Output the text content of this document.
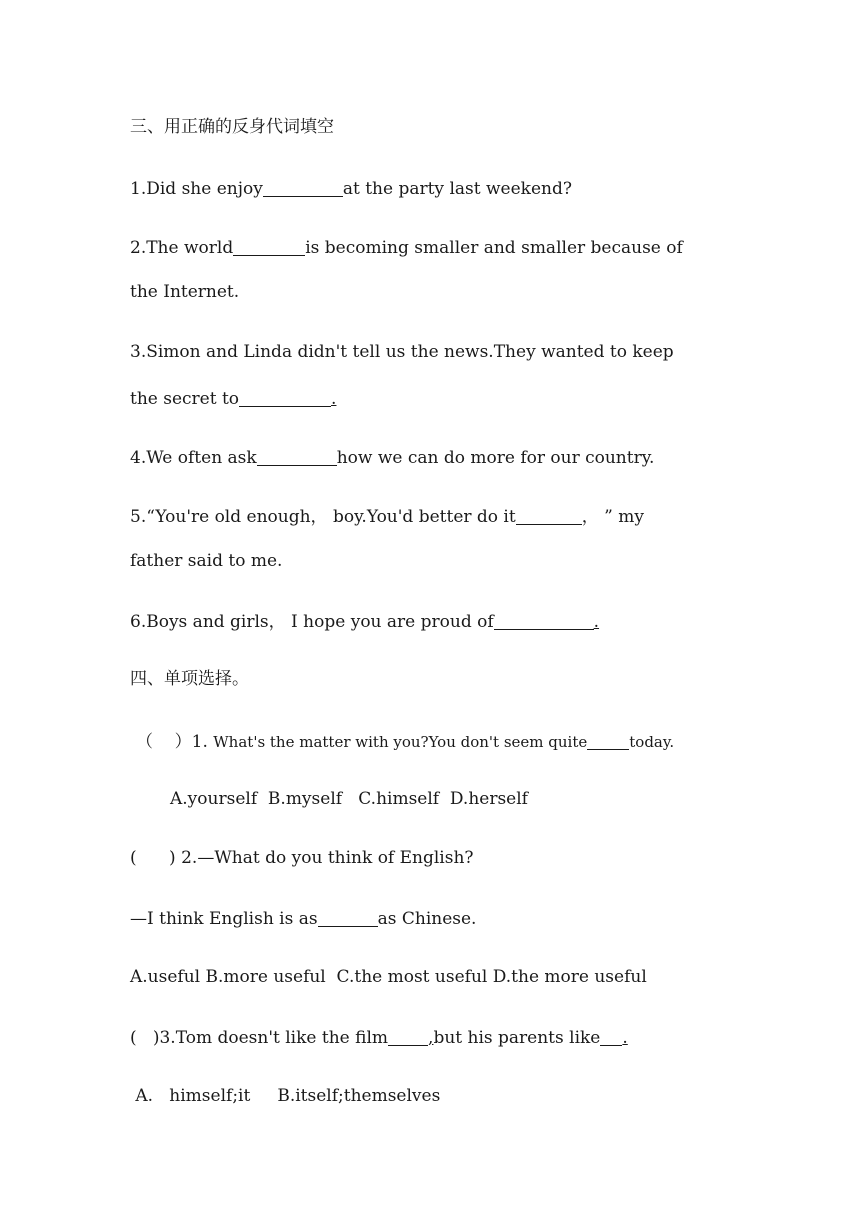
三、用正确的反身代词填空
1.Did she enjoy	at the party last weekend?
2.The world	is becoming smaller and smaller because of
the Internet.
3.Simon and Linda didn't tell us the news.They wanted to keep
the secret to	.
4.We often ask	how we can do more for our country.
5.“You're old enough， boy.You'd better do it	， ” my
father said to me.
6.Boys and girls， I hope you are proud of	.
四、单项选择。
（    ）1. What's the matter with you?You don't seem quite	today.
A.yourself  B.myself   C.himself  D.herself
(      ) 2.—What do you think of English?
—I think English is as	as Chinese.
A.useful B.more useful  C.the most useful D.the more useful
(   )3.Tom doesn't like the film ,but his parents like .
A.   himself;it     B.itself;themselves
